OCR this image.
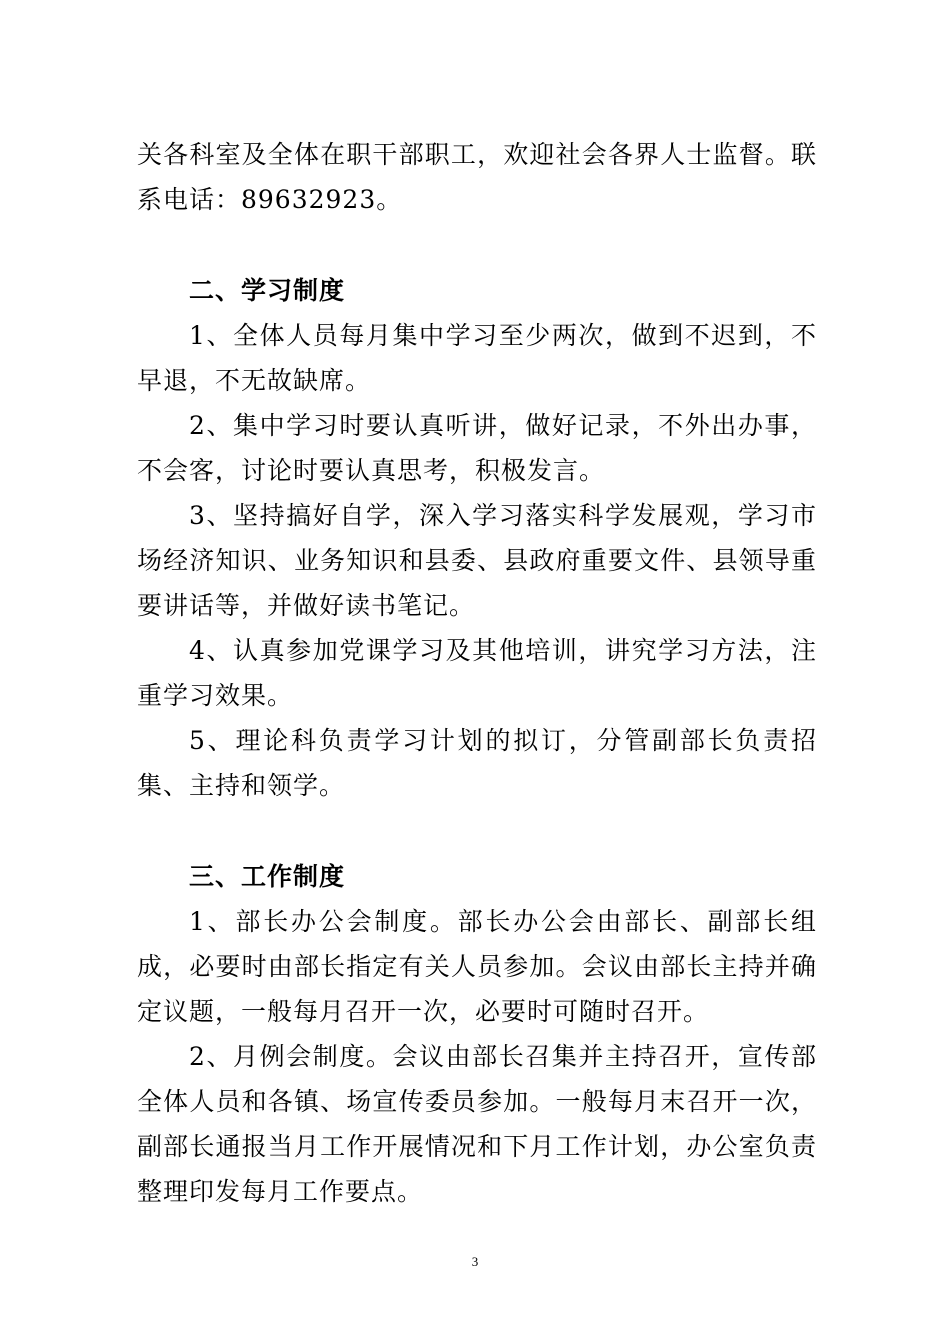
关各科室及全体在职干部职工，欢迎社会各界人士监督。联系电话：89632923。

二、学习制度

1、全体人员每月集中学习至少两次，做到不迟到，不早退，不无故缺席。

2、集中学习时要认真听讲，做好记录，不外出办事，不会客，讨论时要认真思考，积极发言。

3、坚持搞好自学，深入学习落实科学发展观，学习市场经济知识、业务知识和县委、县政府重要文件、县领导重要讲话等，并做好读书笔记。

4、认真参加党课学习及其他培训，讲究学习方法，注重学习效果。

5、理论科负责学习计划的拟订，分管副部长负责招集、主持和领学。

三、工作制度

1、部长办公会制度。部长办公会由部长、副部长组成，必要时由部长指定有关人员参加。会议由部长主持并确定议题，一般每月召开一次，必要时可随时召开。

2、月例会制度。会议由部长召集并主持召开，宣传部全体人员和各镇、场宣传委员参加。一般每月末召开一次，副部长通报当月工作开展情况和下月工作计划，办公室负责整理印发每月工作要点。

3
